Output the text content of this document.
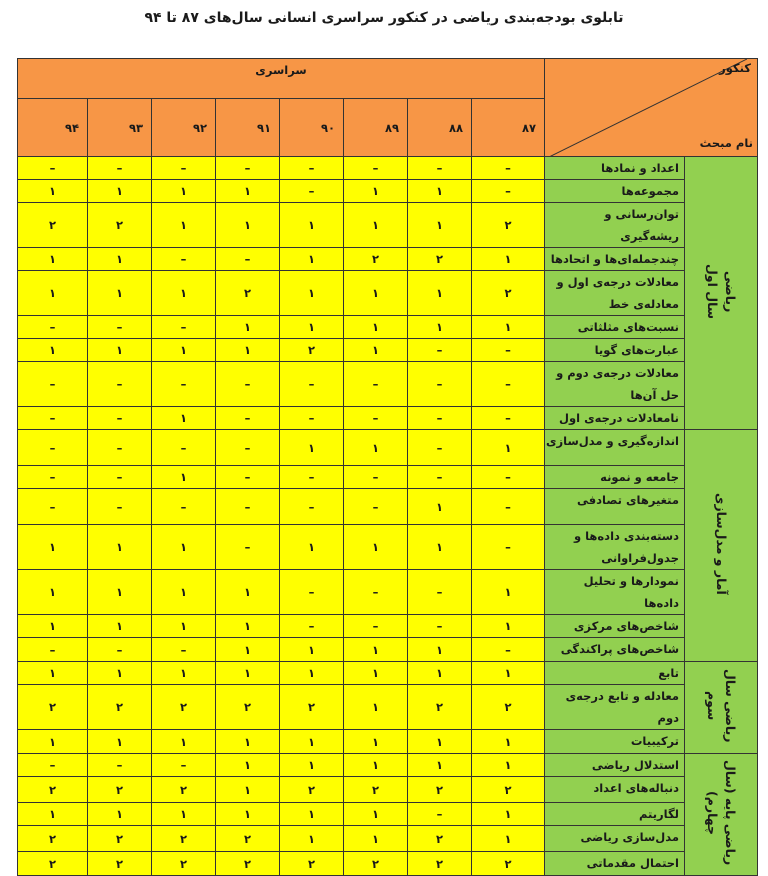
تابلوی بودجه‌بندی ریاضی در کنکور سراسری انسانی سال‌های ۸۷ تا ۹۴
سراسری								کنکور
نام مبحث	

۹۴	۹۳	۹۲	۹۱	۹۰	۸۹	۸۸	۸۷		
–	–	–	–	–	–	–	–	اعداد و نمادها	ریاضی
سال اول
۱	۱	۱	۱	–	۱	۱	–	مجموعه‌ها	
۲	۲	۱	۱	۱	۱	۱	۲	توان‌رسانی و ریشه‌گیری	
۱	۱	–	–	۱	۲	۲	۱	چندجمله‌ای‌ها و اتحادها	
۱	۱	۱	۲	۱	۱	۱	۲	معادلات درجه‌ی اول و معادله‌ی خط	
–	–	–	۱	۱	۱	۱	۱	نسبت‌های مثلثاتی	
۱	۱	۱	۱	۲	۱	–	–	عبارت‌های گویا	
–	–	–	–	–	–	–	–	معادلات درجه‌ی دوم و حل آن‌ها	
–	–	۱	–	–	–	–	–	نامعادلات درجه‌ی اول	
–	–	–	–	۱	۱	–	۱	اندازه‌گیری و مدل‌سازی	آمار و مدل‌سازی
–	–	۱	–	–	–	–	–	جامعه و نمونه	
–	–	–	–	–	–	۱	–	متغیرهای تصادفی	
۱	۱	۱	–	۱	۱	۱	–	دسته‌بندی داده‌ها و جدول‌فراوانی	
۱	۱	۱	۱	–	–	–	۱	نمودارها و تحلیل داده‌ها	
۱	۱	۱	۱	–	–	–	۱	شاخص‌های مرکزی	
–	–	–	۱	۱	۱	۱	–	شاخص‌های پراکندگی	
۱	۱	۱	۱	۱	۱	۱	۱	تابع	ریاضی سال
سوم
۲	۲	۲	۲	۲	۱	۲	۲	معادله و تابع درجه‌ی دوم	
۱	۱	۱	۱	۱	۱	۱	۱	ترکیبیات	
–	–	–	۱	۱	۱	۱	۱	استدلال ریاضی	ریاضی پایه (سال
چهارم)
۲	۲	۲	۱	۲	۲	۲	۲	دنباله‌های اعداد	
۱	۱	۱	۱	۱	۱	–	۱	لگاریتم	
۲	۲	۲	۲	۱	۱	۲	۱	مدل‌سازی ریاضی	
۲	۲	۲	۲	۲	۲	۲	۲	احتمال مقدماتی	
